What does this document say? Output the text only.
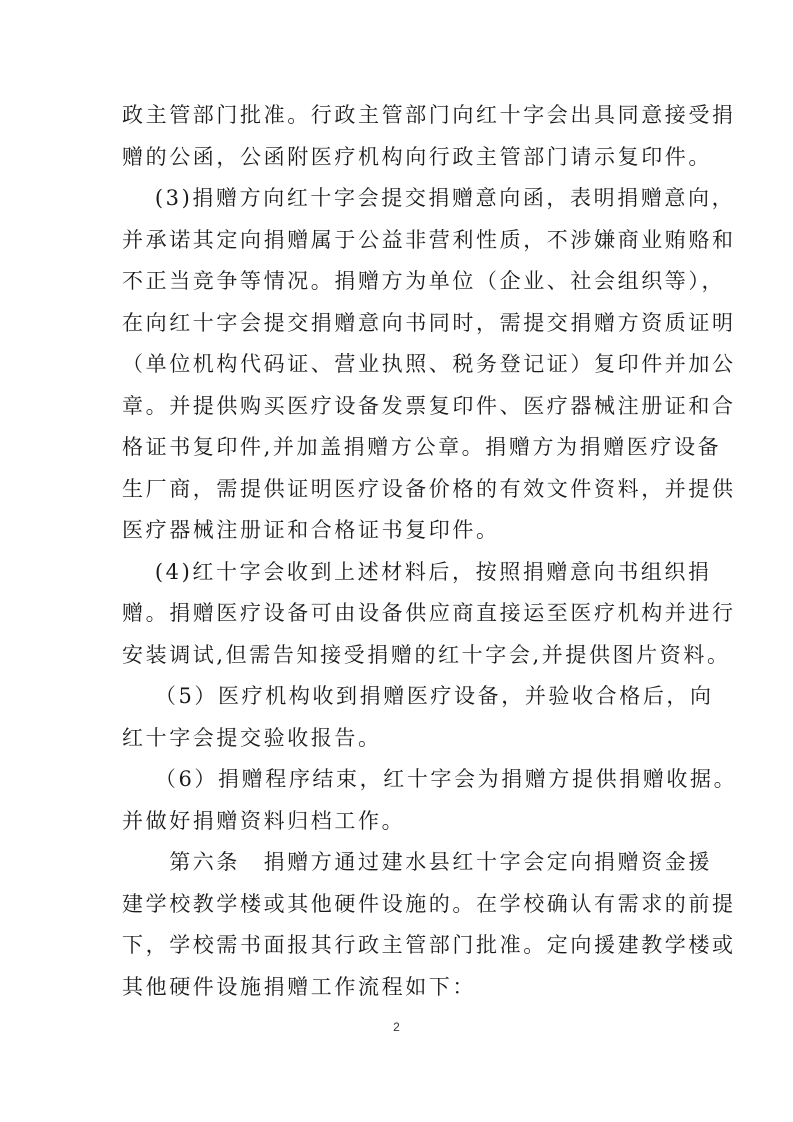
政主管部门批准。行政主管部门向红十字会出具同意接受捐
赠的公函，公函附医疗机构向行政主管部门请示复印件。
　 (3)捐赠方向红十字会提交捐赠意向函，表明捐赠意向，
并承诺其定向捐赠属于公益非营利性质，不涉嫌商业贿赂和
不正当竞争等情况。捐赠方为单位（企业、社会组织等），
在向红十字会提交捐赠意向书同时，需提交捐赠方资质证明
（单位机构代码证、营业执照、税务登记证）复印件并加公
章。并提供购买医疗设备发票复印件、医疗器械注册证和合
格证书复印件,并加盖捐赠方公章。捐赠方为捐赠医疗设备
生厂商，需提供证明医疗设备价格的有效文件资料，并提供
医疗器械注册证和合格证书复印件。
　 (4)红十字会收到上述材料后，按照捐赠意向书组织捐
赠。捐赠医疗设备可由设备供应商直接运至医疗机构并进行
安装调试,但需告知接受捐赠的红十字会,并提供图片资料。
　 （5）医疗机构收到捐赠医疗设备，并验收合格后，向
红十字会提交验收报告。
　 （6）捐赠程序结束，红十字会为捐赠方提供捐赠收据。
并做好捐赠资料归档工作。
　　第六条　捐赠方通过建水县红十字会定向捐赠资金援
建学校教学楼或其他硬件设施的。在学校确认有需求的前提
下，学校需书面报其行政主管部门批准。定向援建教学楼或
其他硬件设施捐赠工作流程如下：
2
